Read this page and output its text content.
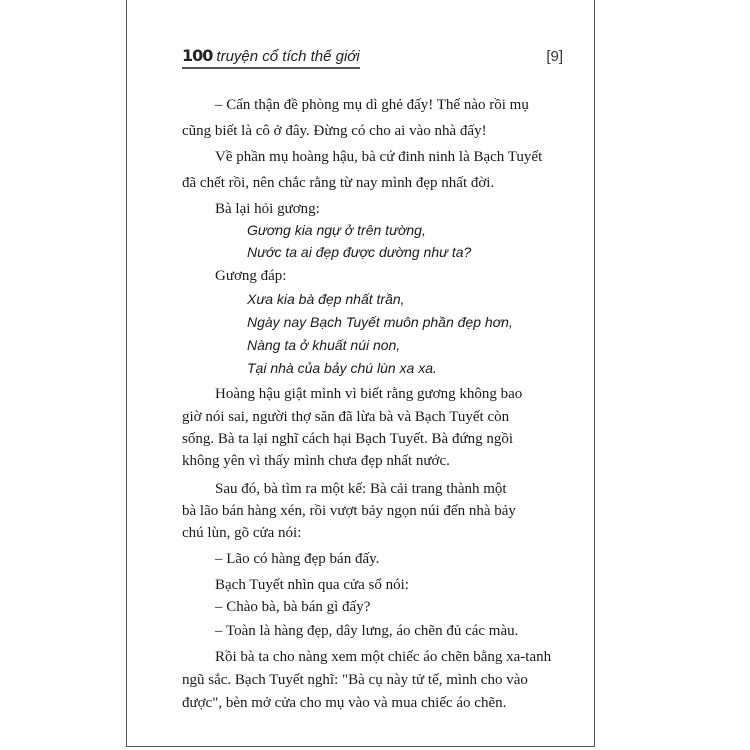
100 truyện cổ tích thế giới	[9]
– Cẩn thận đề phòng mụ dì ghẻ đấy! Thế nào rồi mụ
cũng biết là cô ở đây. Đừng có cho ai vào nhà đấy!
Về phần mụ hoàng hậu, bà cứ đinh ninh là Bạch Tuyết
đã chết rồi, nên chắc rằng từ nay mình đẹp nhất đời.
Bà lại hỏi gương:
Gương kia ngự ở trên tường,
Nước ta ai đẹp được dường như ta?
Gương đáp:
Xưa kia bà đẹp nhất trần,
Ngày nay Bạch Tuyết muôn phần đẹp hơn,
Nàng ta ở khuất núi non,
Tại nhà của bảy chú lùn xa xa.
Hoàng hậu giật mình vì biết rằng gương không bao
giờ nói sai, người thợ săn đã lừa bà và Bạch Tuyết còn
sống. Bà ta lại nghĩ cách hại Bạch Tuyết. Bà đứng ngồi
không yên vì thấy mình chưa đẹp nhất nước.
Sau đó, bà tìm ra một kế: Bà cải trang thành một
bà lão bán hàng xén, rồi vượt bảy ngọn núi đến nhà bảy
chú lùn, gõ cửa nói:
– Lão có hàng đẹp bán đấy.
Bạch Tuyết nhìn qua cửa sổ nói:
– Chào bà, bà bán gì đấy?
– Toàn là hàng đẹp, dây lưng, áo chẽn đủ các màu.
Rồi bà ta cho nàng xem một chiếc áo chẽn bằng xa-tanh
ngũ sắc. Bạch Tuyết nghĩ: "Bà cụ này tử tế, mình cho vào
được", bèn mở cửa cho mụ vào và mua chiếc áo chẽn.
